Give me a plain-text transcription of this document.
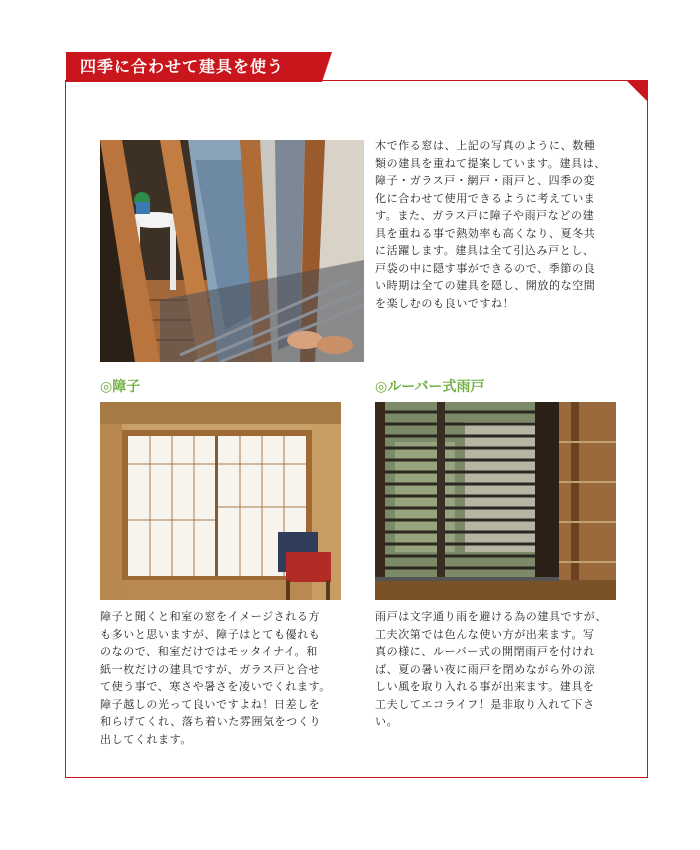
四季に合わせて建具を使う
木で作る窓は、上記の写真のように、数種
類の建具を重ねて提案しています。建具は、
障子・ガラス戸・網戸・雨戸と、四季の変
化に合わせて使用できるように考えていま
す。また、ガラス戸に障子や雨戸などの建
具を重ねる事で熱効率も高くなり、夏冬共
に活躍します。建具は全て引込み戸とし、
戸袋の中に隠す事ができるので、季節の良
い時期は全ての建具を隠し、開放的な空間
を楽しむのも良いですね！
◎障子	◎ルーバー式雨戸
障子と聞くと和室の窓をイメージされる方
も多いと思いますが、障子はとても優れも
のなので、和室だけではモッタイナイ。和
紙一枚だけの建具ですが、ガラス戸と合せ
て使う事で、寒さや暑さを凌いでくれます。
障子越しの光って良いですよね！日差しを
和らげてくれ、落ち着いた雰囲気をつくり
出してくれます。
雨戸は文字通り雨を避ける為の建具ですが、
工夫次第では色んな使い方が出来ます。写
真の様に、ルーバー式の開閉雨戸を付けれ
ば、夏の暑い夜に雨戸を閉めながら外の涼
しい風を取り入れる事が出来ます。建具を
工夫してエコライフ！是非取り入れて下さ
い。
